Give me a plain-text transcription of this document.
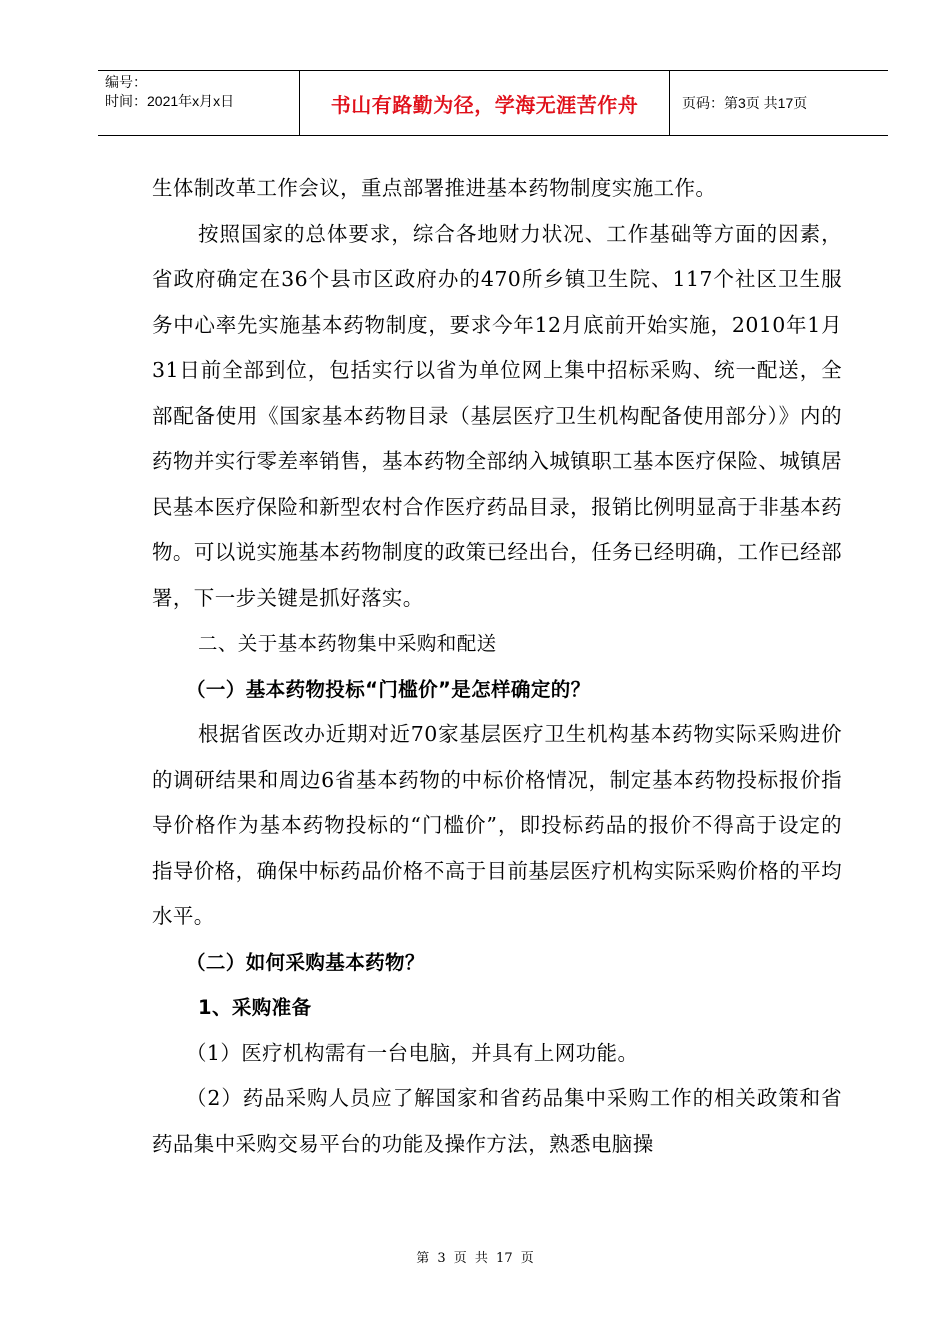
编号：
时间：2021年x月x日	书山有路勤为径，学海无涯苦作舟	页码：第3页 共17页

生体制改革工作会议，重点部署推进基本药物制度实施工作。

按照国家的总体要求，综合各地财力状况、工作基础等方面的因素，省政府确定在36个县市区政府办的470所乡镇卫生院、117个社区卫生服务中心率先实施基本药物制度，要求今年12月底前开始实施，2010年1月31日前全部到位，包括实行以省为单位网上集中招标采购、统一配送，全部配备使用《国家基本药物目录（基层医疗卫生机构配备使用部分）》内的药物并实行零差率销售，基本药物全部纳入城镇职工基本医疗保险、城镇居民基本医疗保险和新型农村合作医疗药品目录，报销比例明显高于非基本药物。可以说实施基本药物制度的政策已经出台，任务已经明确，工作已经部署，下一步关键是抓好落实。

二、关于基本药物集中采购和配送

（一）基本药物投标“门槛价”是怎样确定的？

根据省医改办近期对近70家基层医疗卫生机构基本药物实际采购进价的调研结果和周边6省基本药物的中标价格情况，制定基本药物投标报价指导价格作为基本药物投标的“门槛价”，即投标药品的报价不得高于设定的指导价格，确保中标药品价格不高于目前基层医疗机构实际采购价格的平均水平。

（二）如何采购基本药物？

1、采购准备

（1）医疗机构需有一台电脑，并具有上网功能。

（2）药品采购人员应了解国家和省药品集中采购工作的相关政策和省药品集中采购交易平台的功能及操作方法，熟悉电脑操

第 3 页 共 17 页
